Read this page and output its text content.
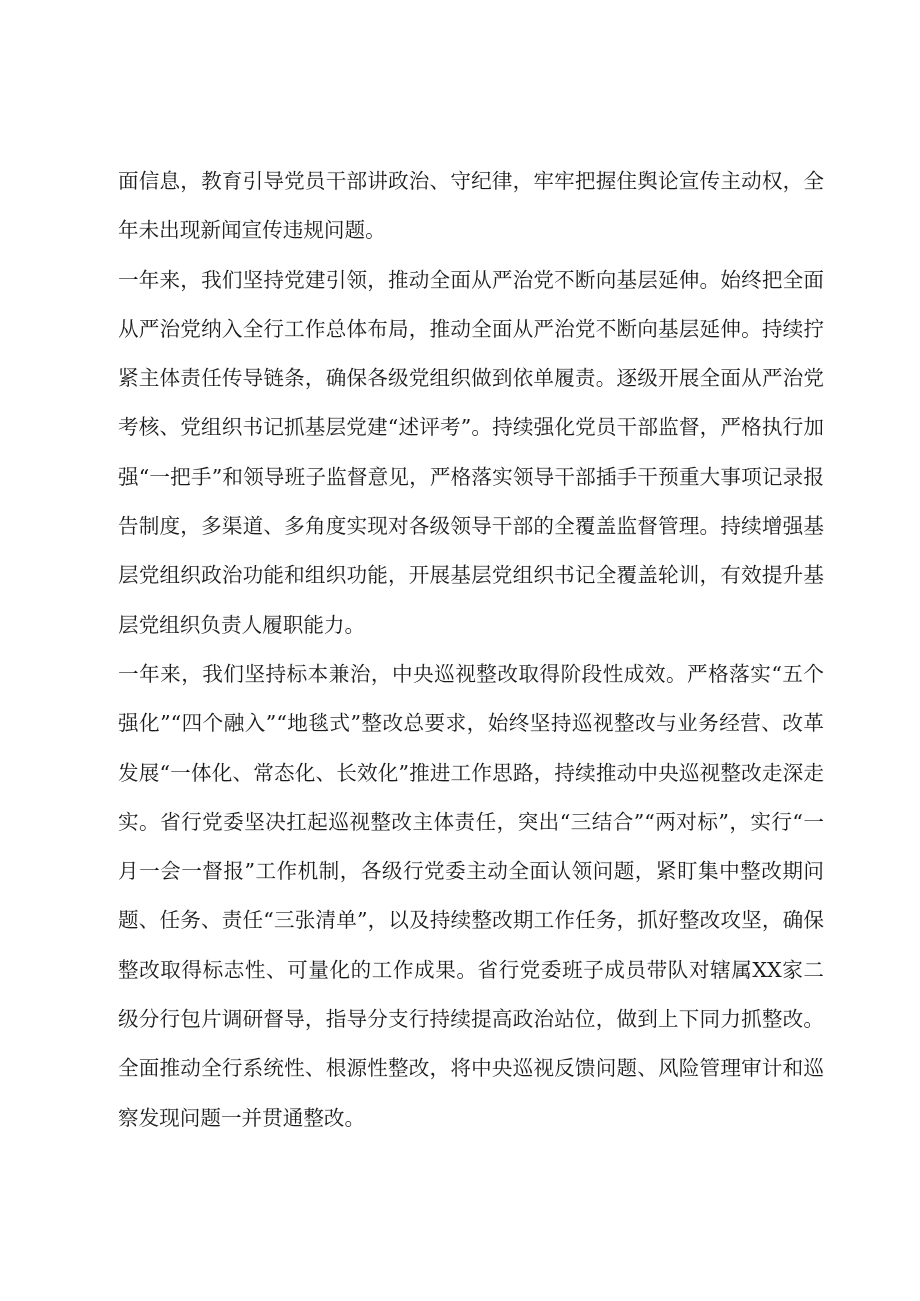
面信息，教育引导党员干部讲政治、守纪律，牢牢把握住舆论宣传主动权，全年未出现新闻宣传违规问题。

一年来，我们坚持党建引领，推动全面从严治党不断向基层延伸。始终把全面从严治党纳入全行工作总体布局，推动全面从严治党不断向基层延伸。持续拧紧主体责任传导链条，确保各级党组织做到依单履责。逐级开展全面从严治党考核、党组织书记抓基层党建“述评考”。持续强化党员干部监督，严格执行加强“一把手”和领导班子监督意见，严格落实领导干部插手干预重大事项记录报告制度，多渠道、多角度实现对各级领导干部的全覆盖监督管理。持续增强基层党组织政治功能和组织功能，开展基层党组织书记全覆盖轮训，有效提升基层党组织负责人履职能力。

一年来，我们坚持标本兼治，中央巡视整改取得阶段性成效。严格落实“五个强化”“四个融入”“地毯式”整改总要求，始终坚持巡视整改与业务经营、改革发展“一体化、常态化、长效化”推进工作思路，持续推动中央巡视整改走深走实。省行党委坚决扛起巡视整改主体责任，突出“三结合”“两对标”，实行“一月一会一督报”工作机制，各级行党委主动全面认领问题，紧盯集中整改期问题、任务、责任“三张清单”，以及持续整改期工作任务，抓好整改攻坚，确保整改取得标志性、可量化的工作成果。省行党委班子成员带队对辖属XX家二级分行包片调研督导，指导分支行持续提高政治站位，做到上下同力抓整改。全面推动全行系统性、根源性整改，将中央巡视反馈问题、风险管理审计和巡察发现问题一并贯通整改。
